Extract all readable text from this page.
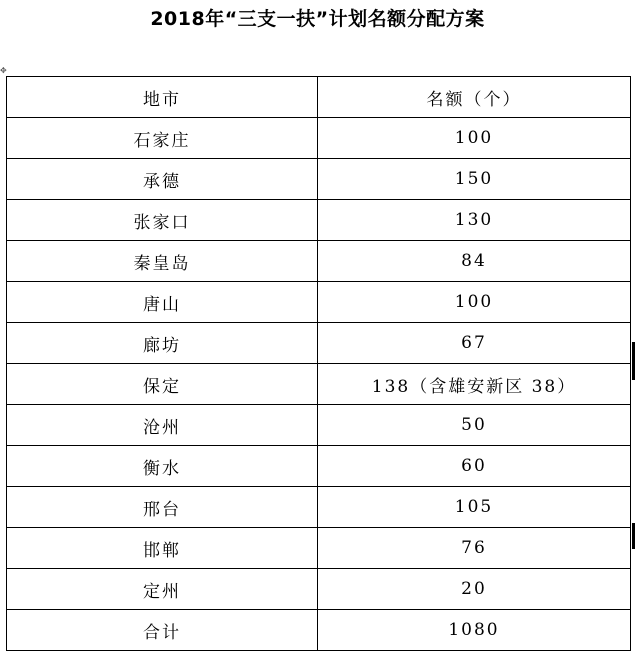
2018年“三支一扶”计划名额分配方案
✥
地市	名额（个）
石家庄	100
承德	150
张家口	130
秦皇岛	84
唐山	100
廊坊	67
保定	138（含雄安新区 38）
沧州	50
衡水	60
邢台	105
邯郸	76
定州	20
合计	1080
